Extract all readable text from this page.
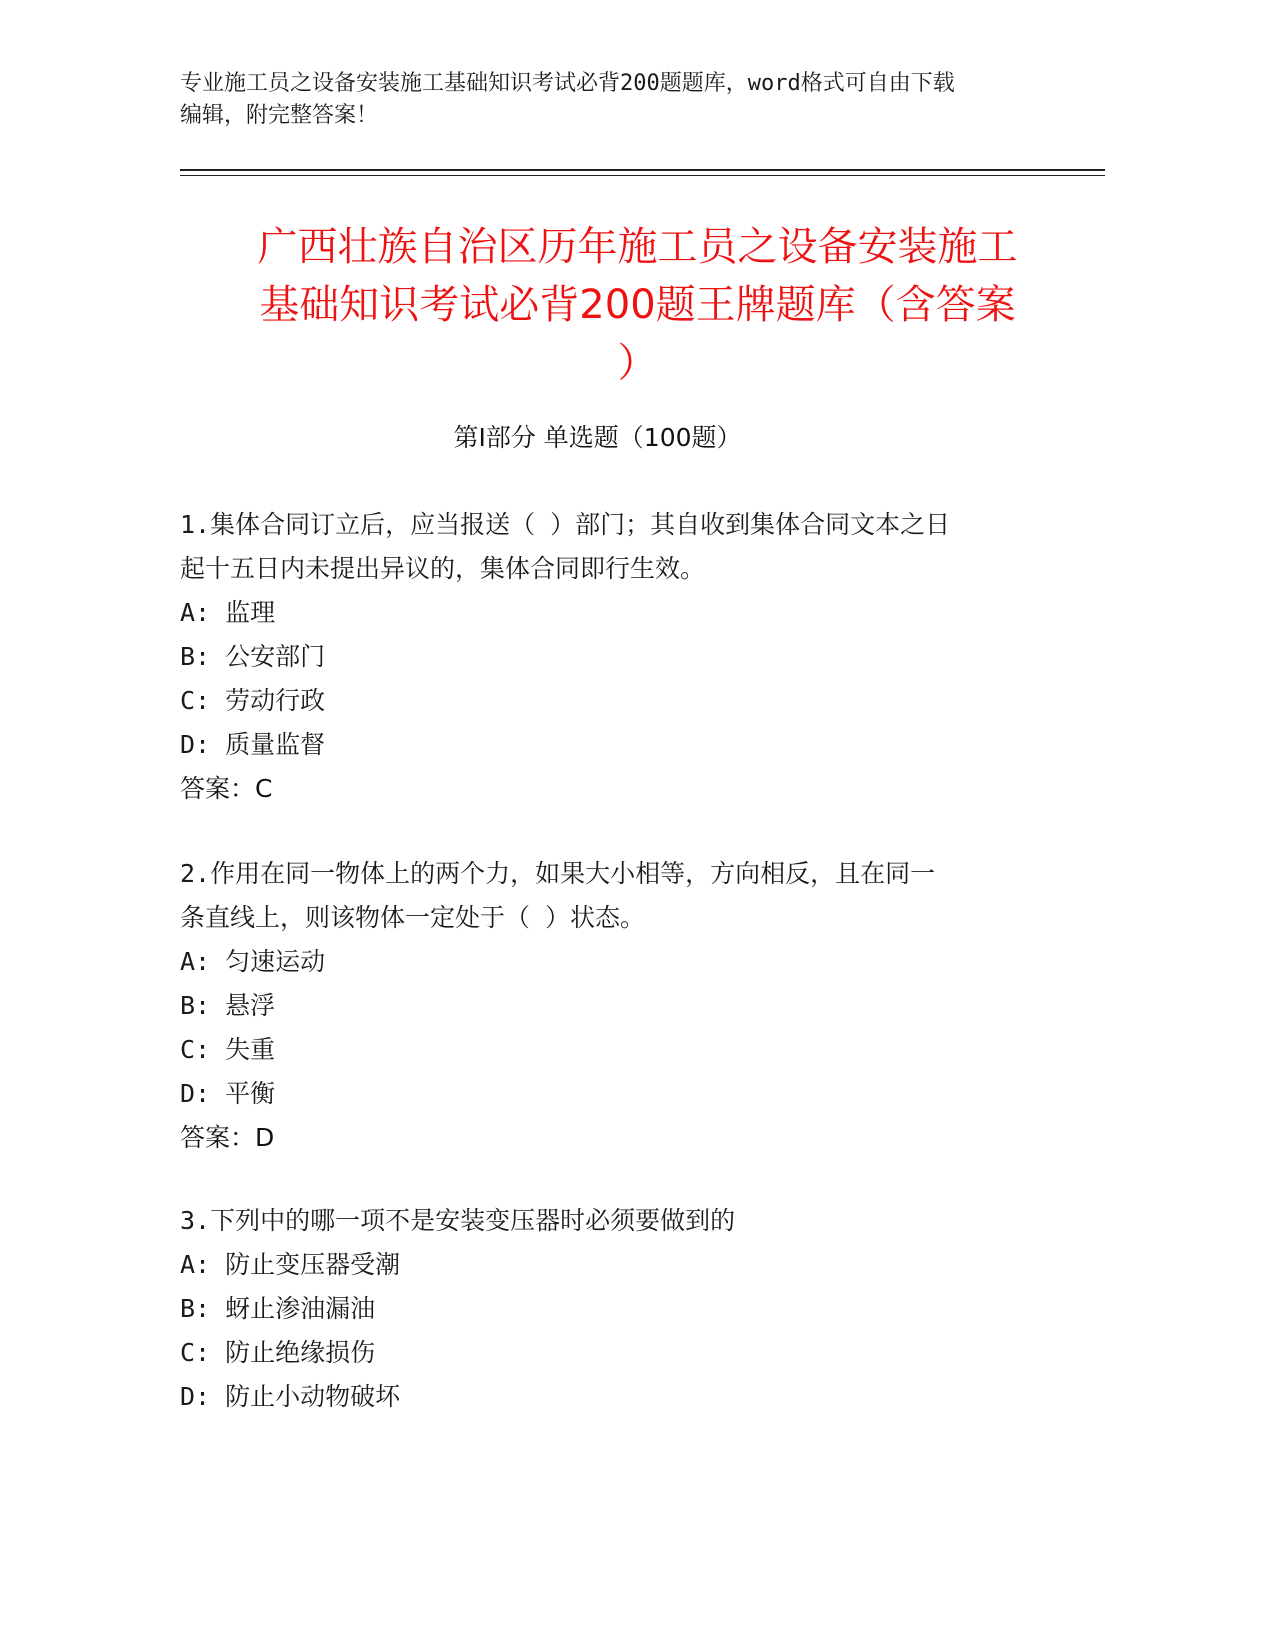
专业施工员之设备安装施工基础知识考试必背200题题库，word格式可自由下载
编辑，附完整答案！

广西壮族自治区历年施工员之设备安装施工
基础知识考试必背200题王牌题库（含答案
）
第Ⅰ部分 单选题（100题）

1.集体合同订立后，应当报送（ ）部门；其自收到集体合同文本之日
起十五日内未提出异议的，集体合同即行生效。

A: 监理

B: 公安部门

C: 劳动行政

D: 质量监督

答案：C

2.作用在同一物体上的两个力，如果大小相等，方向相反，且在同一
条直线上，则该物体一定处于（ ）状态。

A: 匀速运动

B: 悬浮

C: 失重

D: 平衡

答案：D

3.下列中的哪一项不是安装变压器时必须要做到的

A: 防止变压器受潮

B: 蚜止渗油漏油

C: 防止绝缘损伤

D: 防止小动物破坏
